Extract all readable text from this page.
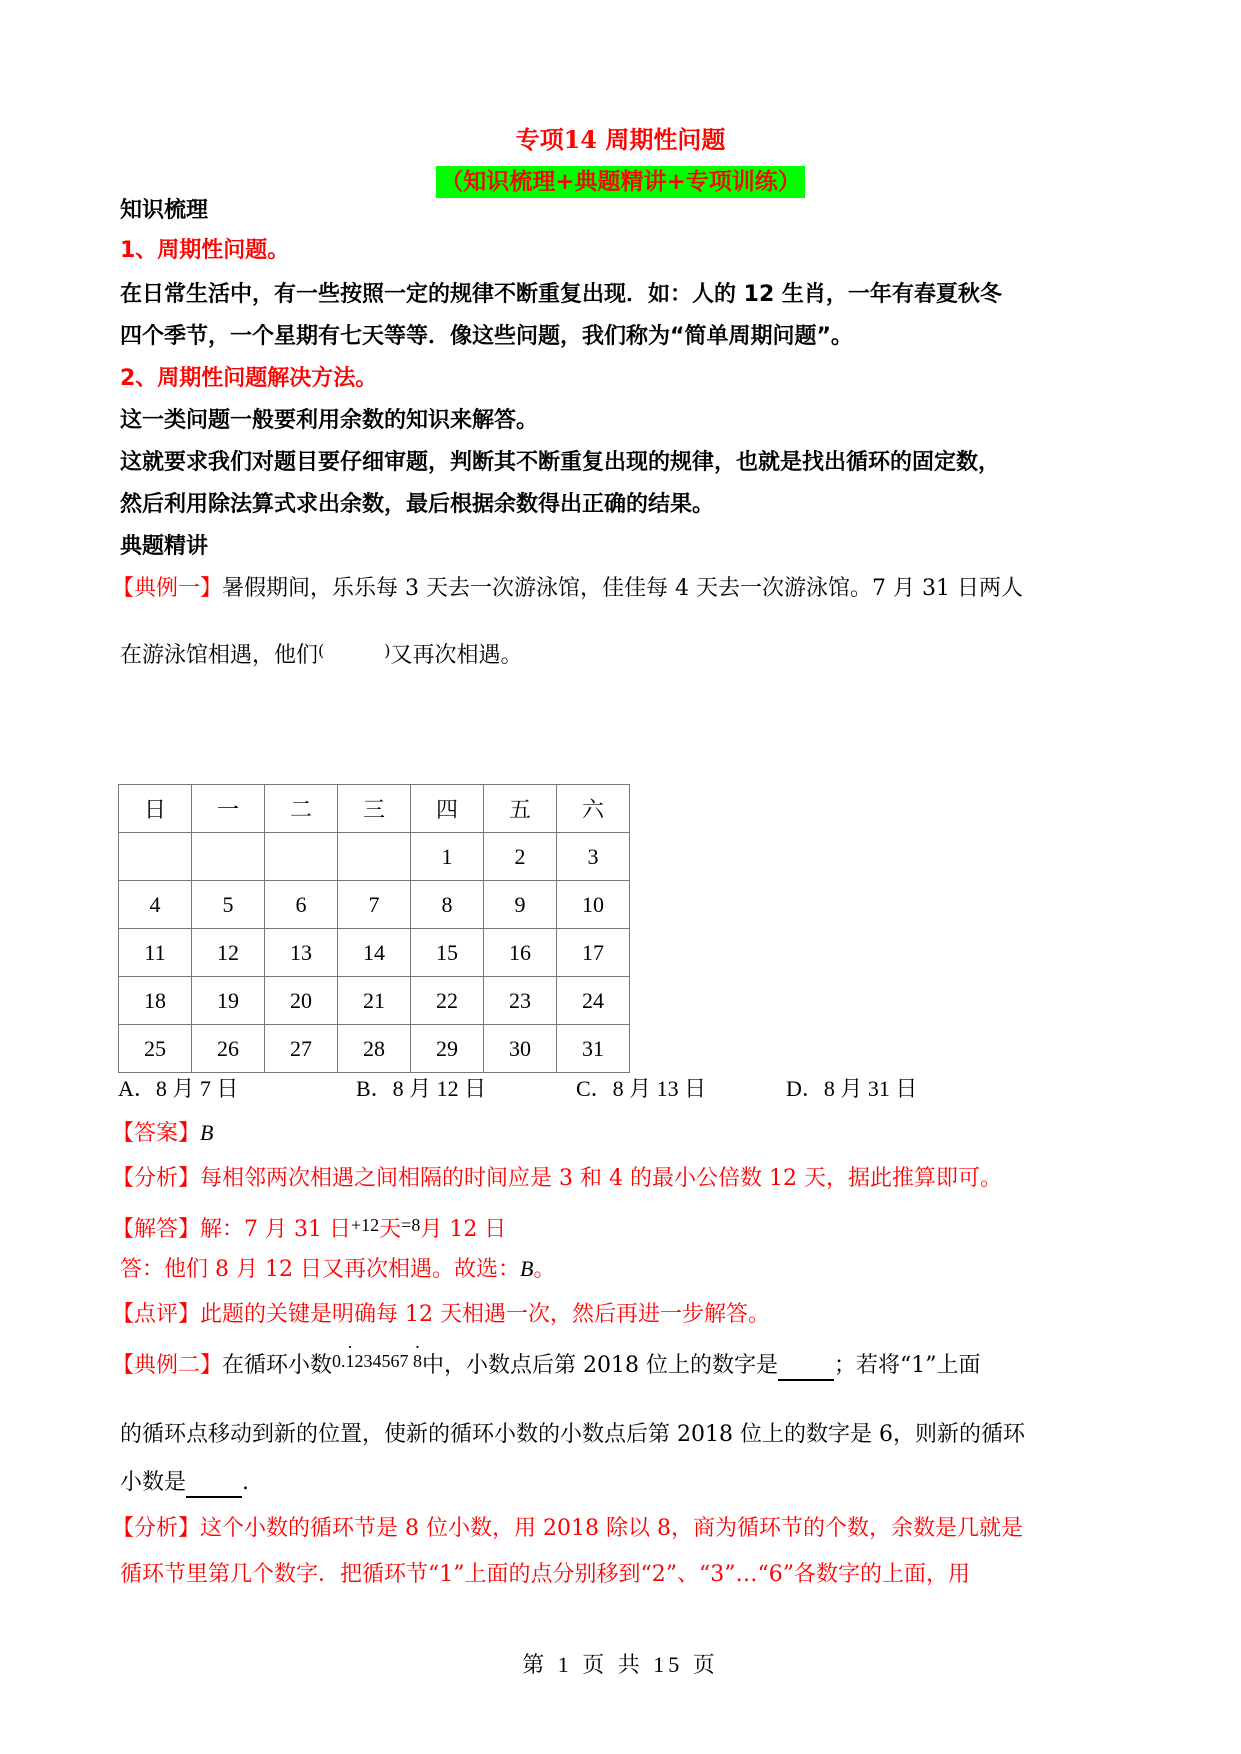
专项14 周期性问题
（知识梳理+典题精讲+专项训练）
知识梳理
1、周期性问题。
在日常生活中，有一些按照一定的规律不断重复出现．如：人的 12 生肖，一年有春夏秋冬
四个季节，一个星期有七天等等．像这些问题，我们称为“简单周期问题”。
2、周期性问题解决方法。
这一类问题一般要利用余数的知识来解答。
这就要求我们对题目要仔细审题，判断其不断重复出现的规律，也就是找出循环的固定数，
然后利用除法算式求出余数，最后根据余数得出正确的结果。
典题精讲
【典例一】暑假期间，乐乐每 3 天去一次游泳馆，佳佳每 4 天去一次游泳馆。7 月 31 日两人
在游泳馆相遇，他们(	)又再次相遇。
日	一	二	三	四	五	六
				1	2	3
4	5	6	7	8	9	10
11	12	13	14	15	16	17
18	19	20	21	22	23	24
25	26	27	28	29	30	31
A．8 月 7 日	B．8 月 12 日	C．8 月 13 日	D．8 月 31 日
【答案】B
【分析】每相邻两次相遇之间相隔的时间应是 3 和 4 的最小公倍数 12 天，据此推算即可。
【解答】解：7 月 31 日$^{+12}$天$^{=8}$月 12 日
答：他们 8 月 12 日又再次相遇。故选：B。
【点评】此题的关键是明确每 12 天相遇一次，然后再进一步解答。
【典例二】在循环小数$^{0.1 \cdot 234567 8}$ ·中，小数点后第 2018 位上的数字是	；若将“1”上面
的循环点移动到新的位置，使新的循环小数的小数点后第 2018 位上的数字是 6，则新的循环
小数是	.
【分析】这个小数的循环节是 8 位小数，用 2018 除以 8，商为循环节的个数，余数是几就是
循环节里第几个数字．把循环节“1”上面的点分别移到“2”、“3”…“6”各数字的上面，用
第 1 页 共 15 页
